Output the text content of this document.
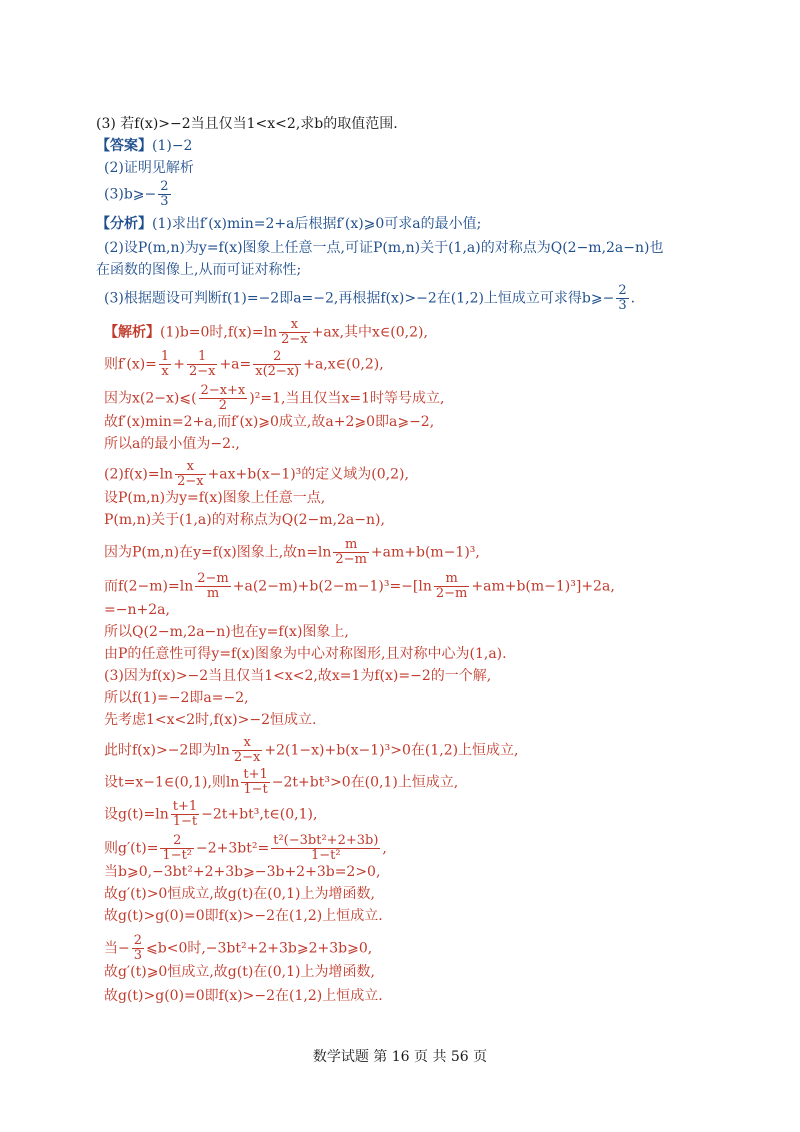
(3) 若f(x)>−2当且仅当1<x<2,求b的取值范围.
【答案】(1)−2
(2)证明见解析
(3)b⩾− $\frac{2}{3}$
【分析】(1)求出f′(x)min=2+a后根据f′(x)⩾0可求a的最小值;
(2)设P(m,n)为y=f(x)图象上任意一点,可证P(m,n)关于(1,a)的对称点为Q(2−m,2a−n)也
在函数的图像上,从而可证对称性;
(3)根据题设可判断f(1)=−2即a=−2,再根据f(x)>−2在(1,2)上恒成立可求得b⩾− $\frac{2}{3}$ .
【解析】(1)b=0时$,f(x)=\ln \frac{x}{2-x} +ax$,其中x∈(0,2),
则$f'(x)= \frac{1}{x} + \frac{1}{2-x} +a= \frac{2}{x(2-x)}$ +a,x∈(0,2),
因为x(2−x)⩽( $\frac{2-x+x}{2} )^2=1$,当且仅当x=1时等号成立,
故f′(x)min=2+a,而f′(x)⩾0成立,故a+2⩾0即a⩾−2,
所以a的最小值为−2.,
$(2)f(x)=\ln \frac{x}{2-x} +ax+b(x-1)^3$的定义域为(0,2),
设P(m,n)为y=f(x)图象上任意一点,
P(m,n)关于(1,a)的对称点为Q(2−m,2a−n),
因为P(m,n)在y=f(x)图象上,故$n=\ln \frac{m}{2-m} +am+b(m-1)^3$,
而$f(2-m)=\ln \frac{2-m}{m} +a(2-m)+b(2-m-1)^3=-[\ln \frac{m}{2-m} +am+b(m-1)^3]+2a$,
=−n+2a,
所以Q(2−m,2a−n)也在y=f(x)图象上,
由P的任意性可得y=f(x)图象为中心对称图形,且对称中心为(1,a).
(3)因为f(x)>−2当且仅当1<x<2,故x=1为f(x)=−2的一个解,
所以f(1)=−2即a=−2,
先考虑1<x<2时,f(x)>−2恒成立.
此时f(x)>−2即为$\ln \frac{x}{2-x} +2(1-x)+b(x-1)^3>0$在(1,2)上恒成立,
设t=x−1∈(0,1),则$\ln \frac{t+1}{1-t} -2t+bt^3>0$在(0,1)上恒成立,
设$g(t)=\ln \frac{t+1}{1-t}$ −2t+bt³,t∈(0,1),
则$g'(t)= \frac{2}{\text{1−t²}} -2+3bt^2= \frac{\text{t²(−3bt²+2+3b)}}{\text{1−t²}}$ ,
当b⩾0,−3bt²+2+3b⩾−3b+2+3b=2>0,
故g′(t)>0恒成立,故g(t)在(0,1)上为增函数,
故g(t)>g(0)=0即f(x)>−2在(1,2)上恒成立.
当− $\frac{2}{3}$ ⩽b<0时,−3bt²+2+3b⩾2+3b⩾0,
故g′(t)⩾0恒成立,故g(t)在(0,1)上为增函数,
故g(t)>g(0)=0即f(x)>−2在(1,2)上恒成立.
数学试题 第 16 页 共 56 页
